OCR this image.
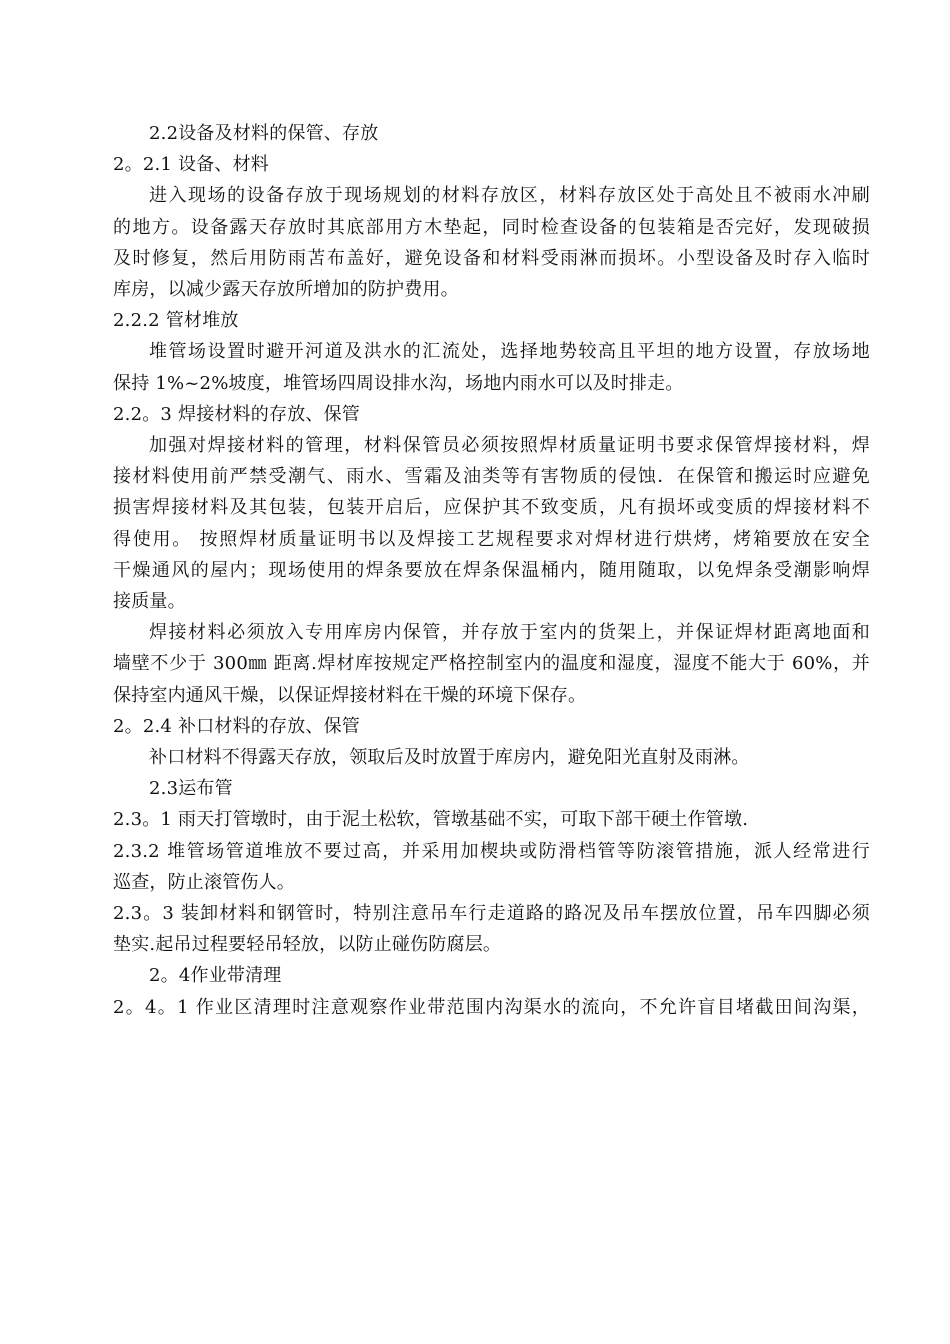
2.2设备及材料的保管、存放
2。2.1 设备、材料
进入现场的设备存放于现场规划的材料存放区，材料存放区处于高处且不被雨水冲刷
的地方。设备露天存放时其底部用方木垫起，同时检查设备的包装箱是否完好，发现破损
及时修复，然后用防雨苫布盖好，避免设备和材料受雨淋而损坏。小型设备及时存入临时
库房，以减少露天存放所增加的防护费用。
2.2.2 管材堆放
堆管场设置时避开河道及洪水的汇流处，选择地势较高且平坦的地方设置，存放场地
保持 1%~2%坡度，堆管场四周设排水沟，场地内雨水可以及时排走。
2.2。3 焊接材料的存放、保管
加强对焊接材料的管理，材料保管员必须按照焊材质量证明书要求保管焊接材料，焊
接材料使用前严禁受潮气、雨水、雪霜及油类等有害物质的侵蚀．在保管和搬运时应避免
损害焊接材料及其包装，包装开启后，应保护其不致变质，凡有损坏或变质的焊接材料不
得使用。 按照焊材质量证明书以及焊接工艺规程要求对焊材进行烘烤，烤箱要放在安全
干燥通风的屋内；现场使用的焊条要放在焊条保温桶内，随用随取，以免焊条受潮影响焊
接质量。
焊接材料必须放入专用库房内保管，并存放于室内的货架上，并保证焊材距离地面和
墙壁不少于 300㎜ 距离.焊材库按规定严格控制室内的温度和湿度，湿度不能大于 60%，并
保持室内通风干燥，以保证焊接材料在干燥的环境下保存。
2。2.4 补口材料的存放、保管
补口材料不得露天存放，领取后及时放置于库房内，避免阳光直射及雨淋。
2.3运布管
2.3。1 雨天打管墩时，由于泥土松软，管墩基础不实，可取下部干硬土作管墩.
2.3.2 堆管场管道堆放不要过高，并采用加楔块或防滑档管等防滚管措施，派人经常进行
巡查，防止滚管伤人。
2.3。3 装卸材料和钢管时，特别注意吊车行走道路的路况及吊车摆放位置，吊车四脚必须
垫实.起吊过程要轻吊轻放，以防止碰伤防腐层。
2。4作业带清理
2。4。1 作业区清理时注意观察作业带范围内沟渠水的流向，不允许盲目堵截田间沟渠，
